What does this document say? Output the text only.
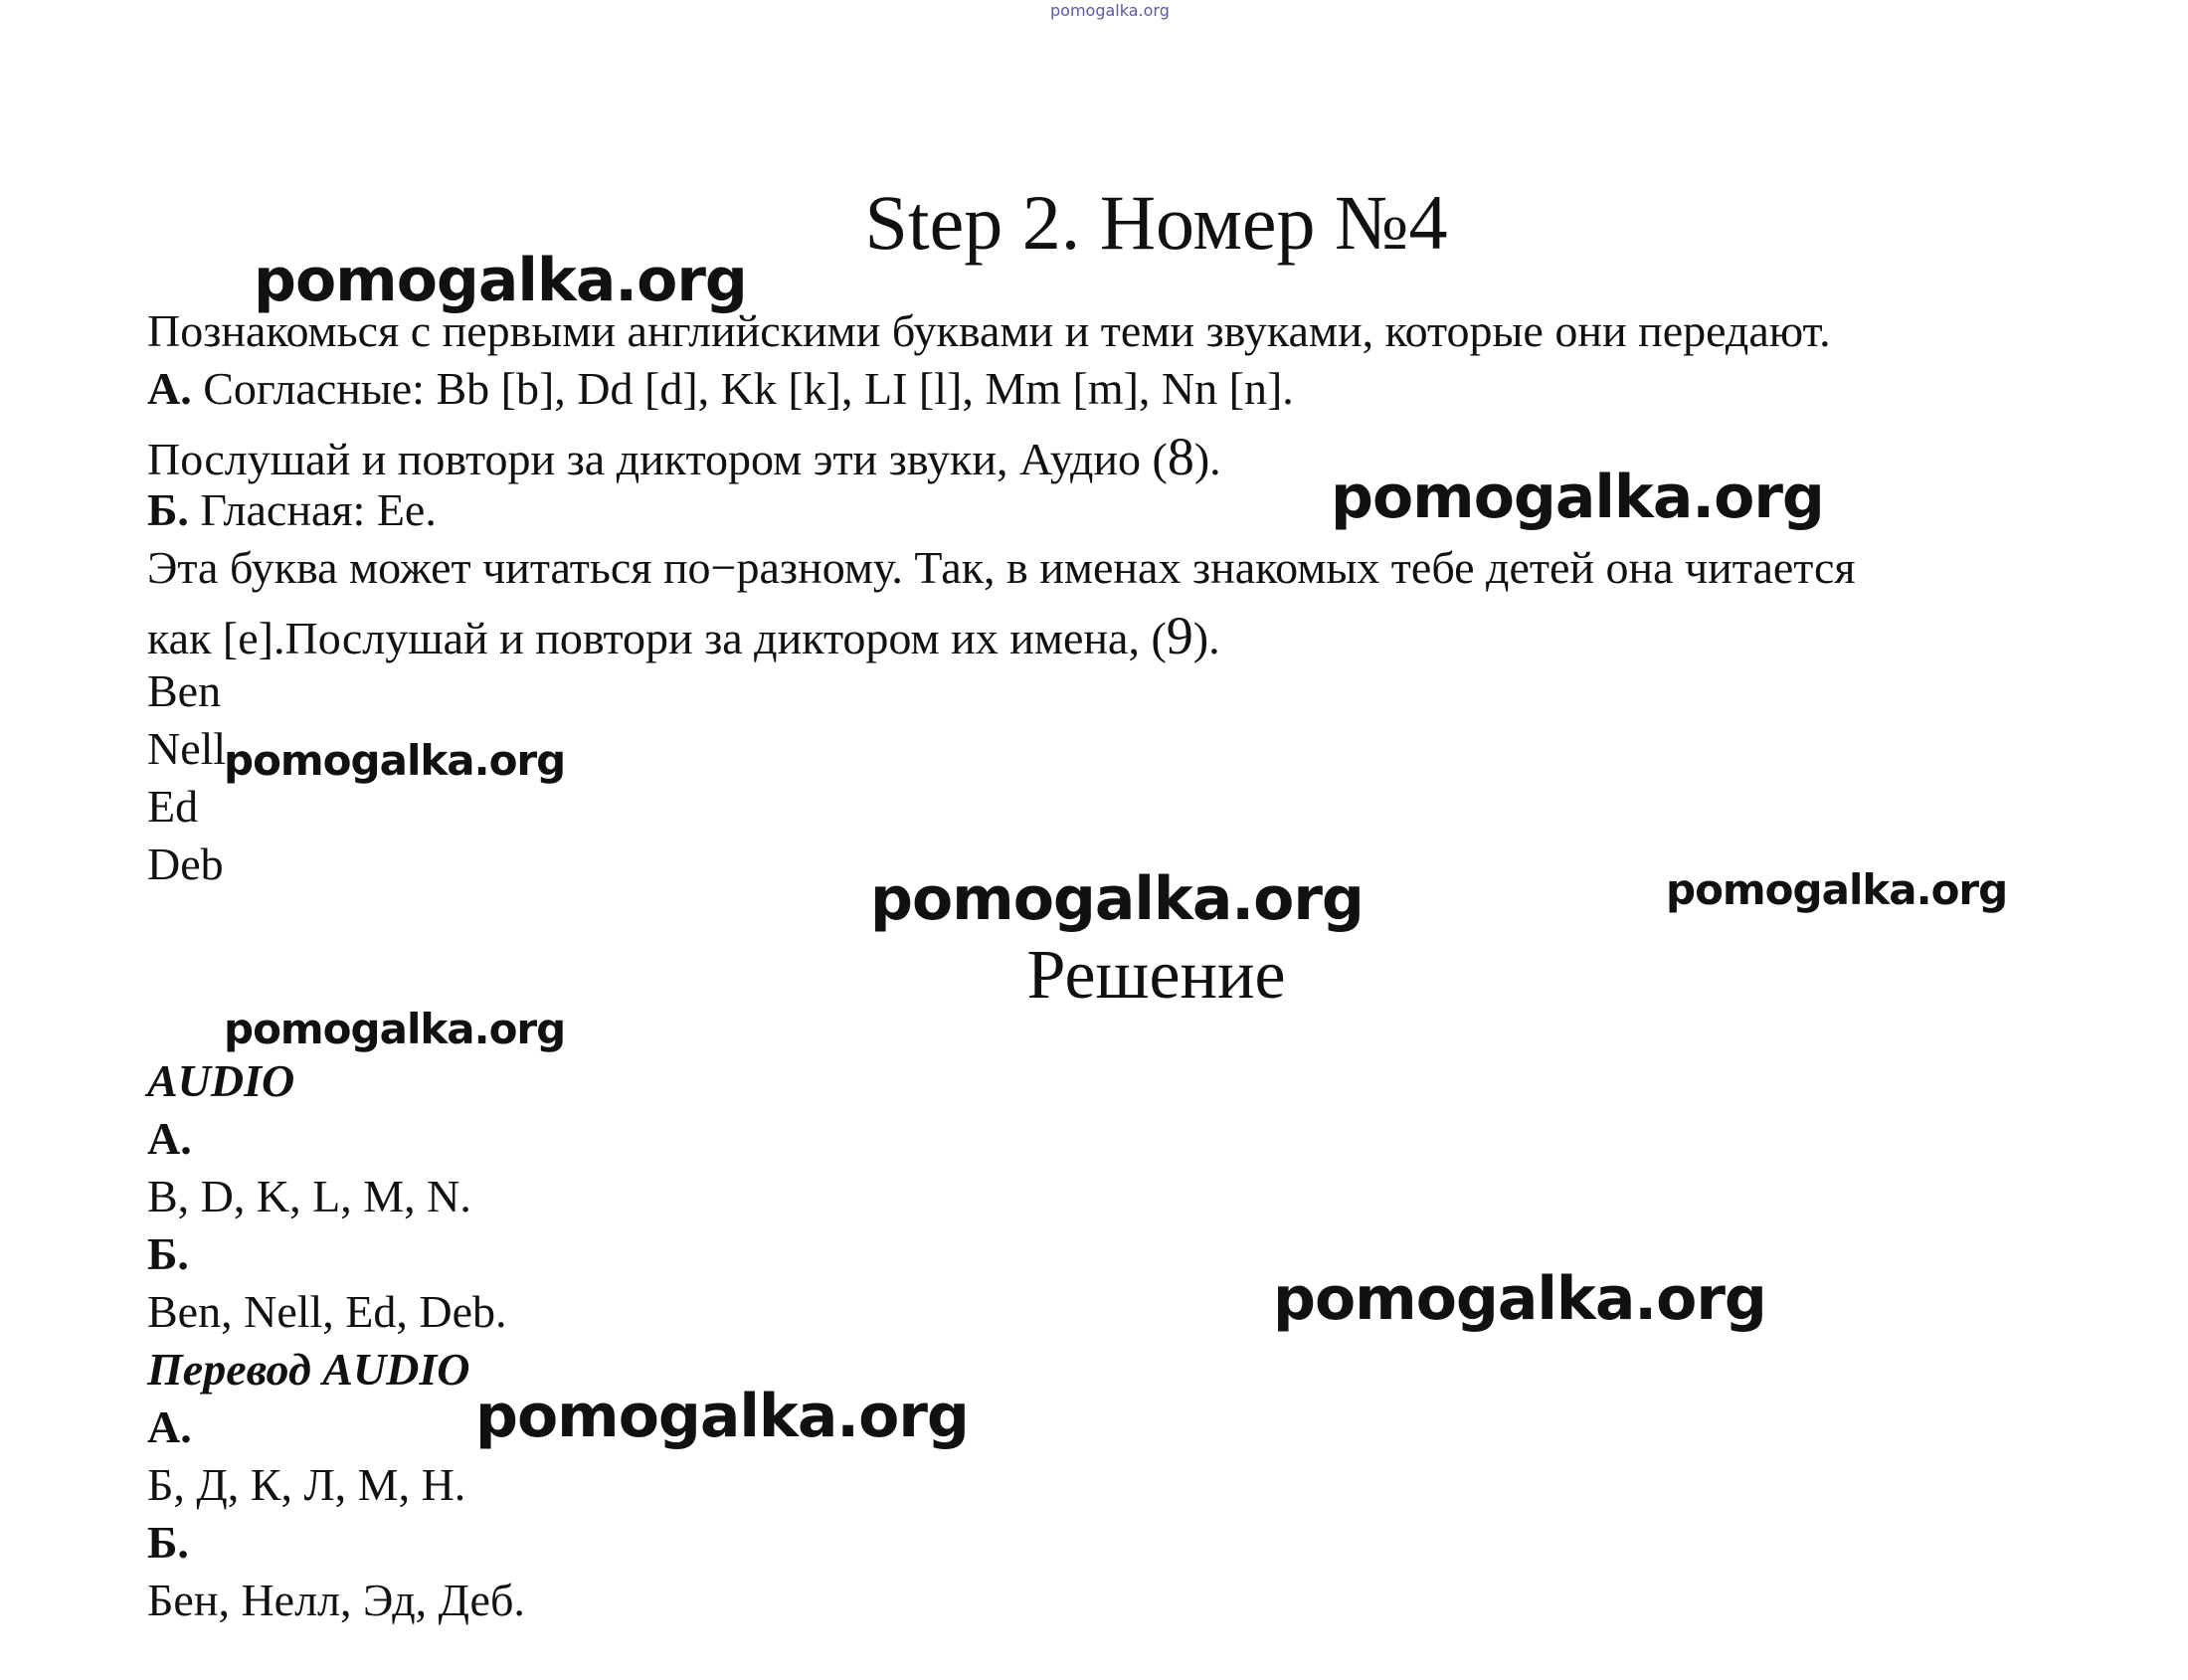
pomogalka.org
Step 2. Номер №4
pomogalka.org
Познакомься с первыми английскими буквами и теми звуками, которые они передают.
А. Согласные: Bb [b], Dd [d], Kk [k], LI [l], Mm [m], Nn [n].
Послушай и повтори за диктором эти звуки, Аудио (8).
Б. Гласная: Ee.	pomogalka.org
Эта буква может читаться по−разному. Так, в именах знакомых тебе детей она читается
как [e].Послушай и повтори за диктором их имена, (9).
Ben
Nell
pomogalka.org
Ed
Deb
pomogalka.org	pomogalka.org
Решение
pomogalka.org
AUDIO
А.
B, D, K, L, M, N.
Б.
Ben, Nell, Ed, Deb.	pomogalka.org
Перевод AUDIO
pomogalka.org
А.
Б, Д, К, Л, М, Н.
Б.
Бен, Нелл, Эд, Деб.
